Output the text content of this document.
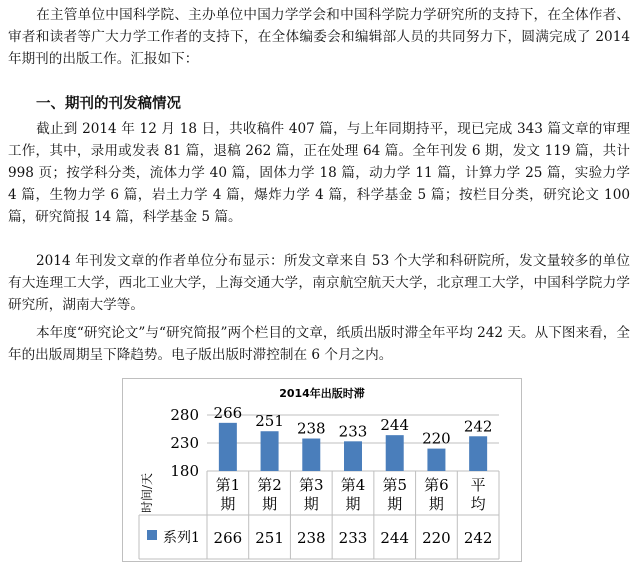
在主管单位中国科学院、主办单位中国力学学会和中国科学院力学研究所的支持下，在全体作者、审者和读者等广大力学工作者的支持下，在全体编委会和编辑部人员的共同努力下，圆满完成了 2014 年期刊的出版工作。汇报如下：

一、期刊的刊发稿情况

截止到 2014 年 12 月 18 日，共收稿件 407 篇，与上年同期持平，现已完成 343 篇文章的审理工作，其中，录用或发表 81 篇，退稿 262 篇，正在处理 64 篇。全年刊发 6 期，发文 119 篇，共计 998 页；按学科分类，流体力学 40 篇，固体力学 18 篇，动力学 11 篇，计算力学 25 篇，实验力学 4 篇，生物力学 6 篇，岩土力学 4 篇，爆炸力学 4 篇，科学基金 5 篇；按栏目分类，研究论文 100 篇，研究简报 14 篇，科学基金 5 篇。

2014 年刊发文章的作者单位分布显示：所发文章来自 53 个大学和科研院所，发文量较多的单位有大连理工大学，西北工业大学，上海交通大学，南京航空航天大学，北京理工大学，中国科学院力学研究所，湖南大学等。

本年度“研究论文”与“研究简报”两个栏目的文章，纸质出版时滞全年平均 242 天。从下图来看，全年的出版周期呈下降趋势。电子版出版时滞控制在 6 个月之内。

2014年出版时滞
时间/天
180
230
280 266
第1
期
266
251
第2
期
251
238
第3
期
238
233
第4
期
233
244
第5
期
244
220
第6
期
220
242
平
均
242
系列1
